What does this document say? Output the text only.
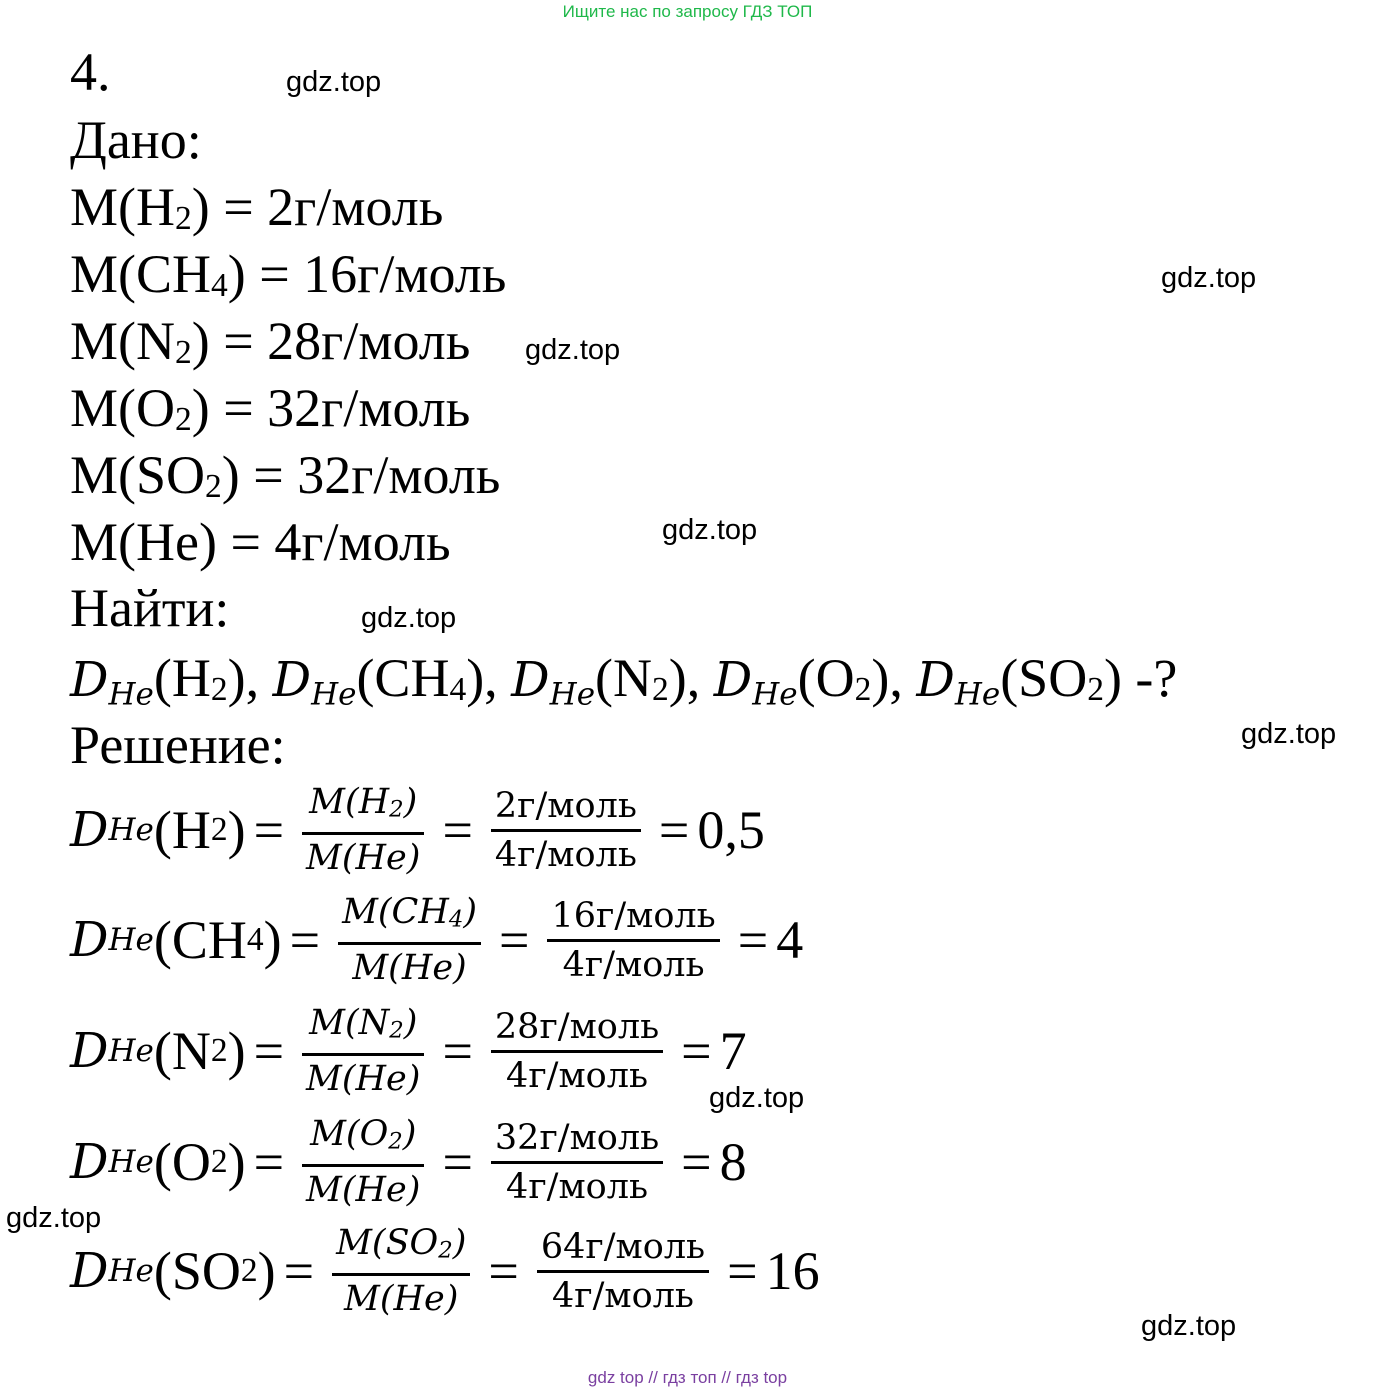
Ищите нас по запросу ГДЗ ТОП
gdz.top
gdz.top
gdz.top
gdz.top
gdz.top
gdz.top
gdz.top
gdz.top
gdz.top
4.
Дано:
M(H2) = 2г/моль
M(CH4) = 16г/моль
M(N2) = 28г/моль
M(O2) = 32г/моль
M(SO2) = 32г/моль
M(He) = 4г/моль
Найти:
DHe(H2), DHe(CH4), DHe(N2), DHe(O2), DHe(SO2) -?
Решение:
D He ( H 2 ) = $\frac{M(H2)}{M(He)} = \frac{\text{2г/моль}}{\text{4г/моль}} = 0,5$
D He ( CH 4 ) = $\frac{M(CH4)}{M(He)} = \frac{\text{16г/моль}}{\text{4г/моль}} = 4$
D He ( N 2 ) = $\frac{M(N2)}{M(He)} = \frac{\text{28г/моль}}{\text{4г/моль}} = 7$
D He ( O 2 ) = $\frac{M(O2)}{M(He)} = \frac{\text{32г/моль}}{\text{4г/моль}} = 8$
D He ( SO 2 ) = $\frac{M(SO2)}{M(He)} = \frac{\text{64г/моль}}{\text{4г/моль}} = 16$
gdz top // гдз топ // гдз top
